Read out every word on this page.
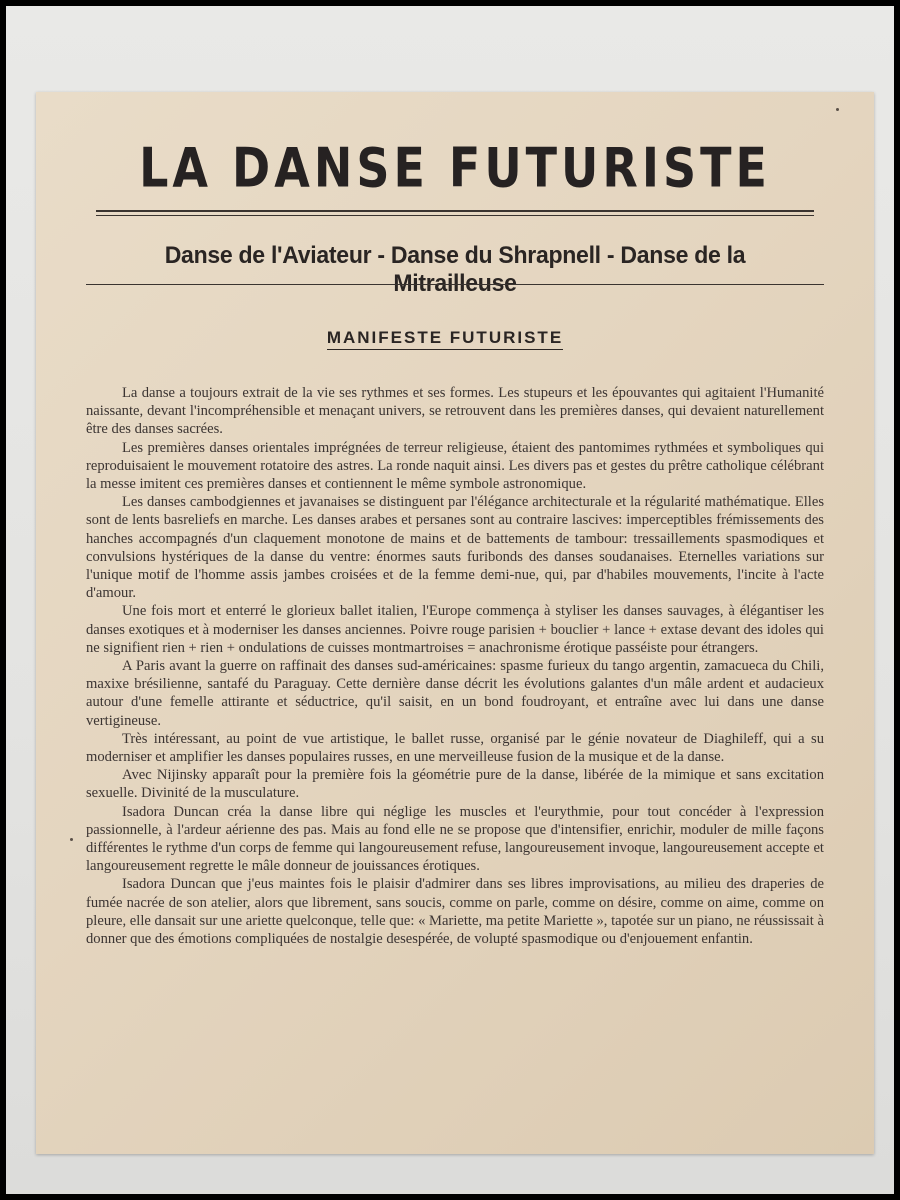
LA DANSE FUTURISTE
Danse de l'Aviateur - Danse du Shrapnell - Danse de la Mitrailleuse
MANIFESTE FUTURISTE

La danse a toujours extrait de la vie ses rythmes et ses formes. Les stupeurs et les épouvantes qui agitaient l'Humanité naissante, devant l'incompréhensible et menaçant univers, se retrouvent dans les premières danses, qui devaient naturellement être des danses sacrées.

Les premières danses orientales imprégnées de terreur religieuse, étaient des pantomimes rythmées et symboliques qui reproduisaient le mouvement rotatoire des astres. La ronde naquit ainsi. Les divers pas et gestes du prêtre catholique célébrant la messe imitent ces premières danses et contiennent le même symbole astronomique.

Les danses cambodgiennes et javanaises se distinguent par l'élégance architecturale et la régularité mathématique. Elles sont de lents basreliefs en marche. Les danses arabes et persanes sont au contraire lascives: imperceptibles frémissements des hanches accompagnés d'un claquement monotone de mains et de battements de tambour: tressaillements spasmodiques et convulsions hystériques de la danse du ventre: énormes sauts furibonds des danses soudanaises. Eternelles variations sur l'unique motif de l'homme assis jambes croisées et de la femme demi-nue, qui, par d'habiles mouvements, l'incite à l'acte d'amour.

Une fois mort et enterré le glorieux ballet italien, l'Europe commença à styliser les danses sauvages, à élégantiser les danses exotiques et à moderniser les danses anciennes. Poivre rouge parisien + bouclier + lance + extase devant des idoles qui ne signifient rien + rien + ondulations de cuisses montmartroises = anachronisme érotique passéiste pour étrangers.

A Paris avant la guerre on raffinait des danses sud-américaines: spasme furieux du tango argentin, zamacueca du Chili, maxixe brésilienne, santafé du Paraguay. Cette dernière danse décrit les évolutions galantes d'un mâle ardent et audacieux autour d'une femelle attirante et séductrice, qu'il saisit, en un bond foudroyant, et entraîne avec lui dans une danse vertigineuse.

Très intéressant, au point de vue artistique, le ballet russe, organisé par le génie novateur de Diaghileff, qui a su moderniser et amplifier les danses populaires russes, en une merveilleuse fusion de la musique et de la danse.

Avec Nijinsky apparaît pour la première fois la géométrie pure de la danse, libérée de la mimique et sans excitation sexuelle. Divinité de la musculature.

Isadora Duncan créa la danse libre qui néglige les muscles et l'eurythmie, pour tout concéder à l'expression passionnelle, à l'ardeur aérienne des pas. Mais au fond elle ne se propose que d'intensifier, enrichir, moduler de mille façons différentes le rythme d'un corps de femme qui langoureusement refuse, langoureusement invoque, langoureusement accepte et langoureusement regrette le mâle donneur de jouissances érotiques.

Isadora Duncan que j'eus maintes fois le plaisir d'admirer dans ses libres improvisations, au milieu des draperies de fumée nacrée de son atelier, alors que librement, sans soucis, comme on parle, comme on désire, comme on aime, comme on pleure, elle dansait sur une ariette quelconque, telle que: « Mariette, ma petite Mariette », tapotée sur un piano, ne réussissait à donner que des émotions compliquées de nostalgie desespérée, de volupté spasmodique ou d'enjouement enfantin.
